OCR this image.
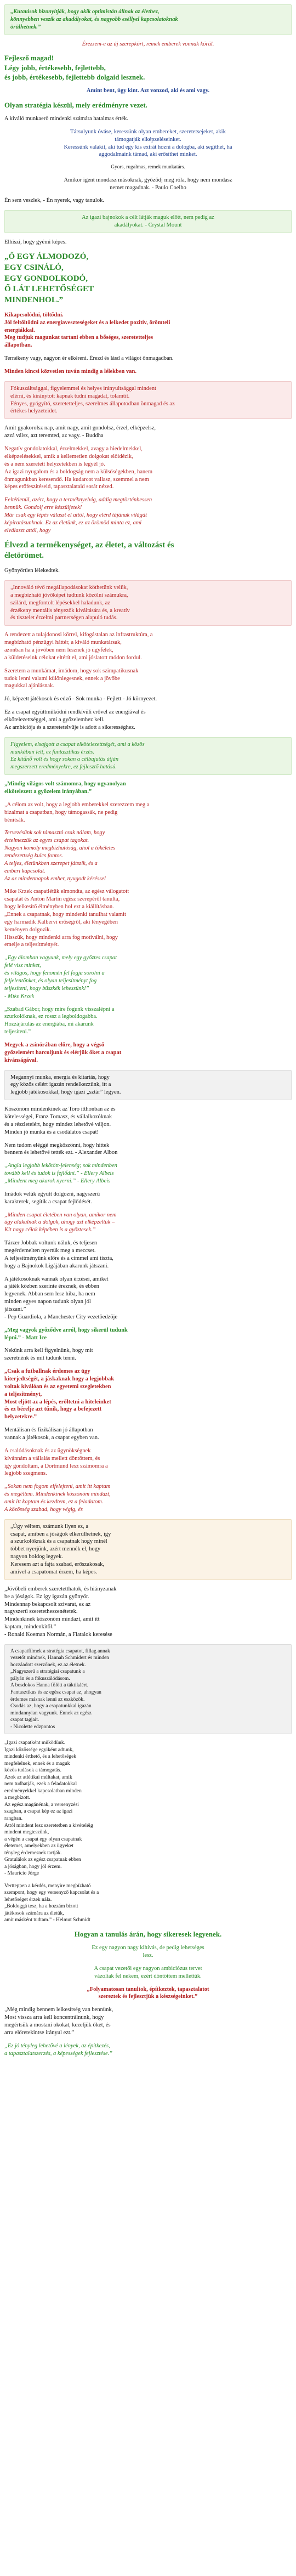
„Kutatások bizonyítják, hogy akik optimistán állnak az élethez,
könnyebben veszik az akadályokat, és nagyobb eséllyel kapcsolatoknak
örülhetnek.”
Érezzem-e az új szerepkört, remek emberek vonnak körül.
Fejlesző magad!
Légy jobb, értékesebb, fejlettebb,
és jobb, értékesebb, fejlettebb dolgaid lesznek.
Amint bent, úgy kint. Azt vonzod, aki és ami vagy.
Olyan stratégia készül, mely erédményre vezet.
A kiváló munkaerő mindenki számára hatalmas érték.
Társulyunk óváse, keressünk olyan embereket, szeretetsejeket, akik
támogatják elképzeléseinket.
Keressünk valakit, aki tud egy kis extrát hozni a dologba, aki segíthet, ha
aggodalmaink támad, aki erősíthet minket.
Gyors, rugalmas, remek munkatárs.
Amikor igent mondasz másoknak, győződj meg róla, hogy nem mondasz
nemet magadnak. - Paulo Coelho
Én sem veszlek, - Én nyerek, vagy tanulok.
Az igazi bajnokok a célt látják maguk előtt, nem pedig az
akadályokat. - Crystal Mount
Elhiszi, hogy gyémi képes.
„Ő EGY ÁLMODOZÓ,
EGY CSINÁLÓ,
EGY GONDOLKODÓ,
Ő LÁT LEHETŐSÉGET
MINDENHOL.”
Kikapcsolódni, töltődni.
Jól feltöltődni az energiaveszteségeket és a lelkedet pozitív, örömteli
energiákkal.
Meg tudjuk magunkat tartani ebben a bőséges, szeretetteljes
állapotban.
Ternékeny vagy, nagyon ér elkéreni. Érezd és lásd a világot önmagadban.
Minden kincsi közvetlen tuván mindig a lélekben van.
Fókuszáltsággal, figyelemmel és helyes irányultsággal mindent
elérni, és kiránytott kapnak tudni magadat, tolamtit.
Fényes, gyógyító, szeretetteljes, szerelmes állapotodban önmagad és az
értékes helyzeteidet.
Amit gyakorolsz nap, amit nagy, amit gondolsz, érzel, elképzelsz,
azzá válsz, azt teremted, az vagy. - Buddha
Negatív gondolatokkal, érzelmekkel, avagy a hiedelmekkel,
elképzelésekkel, amik a kellemetlen dolgokat előidézik,
és a nem szeretett helyzetekben is legyél jó.
Az igazi nyugalom és a boldogság nem a külsőségekben, hanem
önmagunkban keresendő. Ha kudarcot vallasz, szemmel a nem
képes erőfeszítéseid, tapasztalataid sorát nézed.
Feltétlenül, azért, hogy a terméknyelvig, addig megtörténhessen
bennük. Gondolj erre készüljetek!
Már csak egy lépés választ el attól, hogy elérd tájának világát
képiratásunknak. Ez az életünk, ez az örömöd minta ez, ami
elválaszt attól, hogy
Élvezd a termékenységet, az életet, a változást és
életörömet.
Gyönyörűen lélekedtek.
„Innováló tévő megállapodásokat köthetünk velük,
a megbízható jövőképet tudtunk közölni számukra,
szilárd, megfontolt lépésekkel haladunk, az
érzékeny mentális tényezők kiváltására és, a kreatív
és tisztelet érzelmi partnerségen alapuló tudás.
A rendezett a tulajdonosi körrel, kifogástalan az infrastruktúra, a
megbízható pénzügyi háttér, a kiváló munkatársak,
azonban ha a jövőben nem lesznek jó ügyfelek,
a küldetéseink célokat eltérít el, ami jóslatott módon fordul.
Szeretem a munkámat, imádom, hogy sok szimpatikusnak
tudok lenni valami különlegesnek, ennek a jövőbe
magukkal ajánlásnak.
Jó, képzett játékosok és edző - Sok munka - Fejlett - Jó környezet.
Ez a csapat együttműködni rendkívüli erővel az energiával és
elkötelezettséggel, ami a győzelemhez kell.
Az ambíciója és a szeretetelvűje is adott a sikerességhez.
Figyelem, elsajgott a csapat elkötelezettségét, ami a közös
munkában lett, ez fantasztikus érzés.
Ez kitűnő volt és hogy sokan a célbajutás útján
megszerzett eredményekre, ez fejlesztő hatású.
„Mindig világos volt számomra, hogy ugyanolyan
elkötelezett a győzelem irányában.”
„A célom az volt, hogy a legjobb emberekkel szerezzem meg a
bizalmat a csapatban, hogy támogassák, ne pedig
bénítsák.
Tervezésünk sok támasztó csak nálam, hogy
értelmezzük az egyes csapat tagokat.
Nagyon komoly megbízhatóság, ahol a tökéletes
rendezettség kulcs fontos.
A teljes, életünkben szerepet játszik, és a
emberi kapcsolat.
Az az mindennapok ember, nyugodt kéréssel
Mike Krzek csapatlétük elmondta, az egész válogatott
csapatát és Anton Martin egész szerepéről tanulta,
hogy lelkesítő élményben hol ezt a kiállításban.
„Ennek a csapatnak, hogy mindenki tanulhat valamit
egy harmadik Kalbervi erőségről, aki lényegében
keményen dolgozik.
Hisszük, hogy mindenki arra fog motiválni, hogy
emelje a teljesítményét.
„Egy álomban vagyunk, mely egy győztes csapat
felé visz minket,
és világos, hogy fenomén fel fogja sorolni a
feljelentőnket, és olyan teljesítményt fog
teljesíteni, hogy büszkék lehessünk!”
- Mike Krzek
„Szabad Gábor, hogy mire fogunk visszalépni a
szurkolóknak, ez rossz a legboldogabba.
Hozzájárulás az energiába, mi akarunk
teljesíteni.”
Megyek a zsinórában előre, hogy a végső
győzelemért harcoljunk és elérjük őket a csapat
kívánságával.
Megannyi munka, energia és kitartás, hogy
egy közös célért igazán rendelkezzünk, itt a
legjobb játékosokkal, hogy igazi „sztár” legyen.
Köszönöm mindenkinek az Toro itthonban az és
kötelességei, Franz Tomasz, és vállalkozóknak
és a részleteiért, hogy mindez lehetővé váljon.
Minden jó munka és a csodálatos csapat!
Nem tudom eléggé megköszönni, hogy hittek
bennem és lehetővé tették ezt. - Alexander Albon
„Angla legjobb lekötött-jelenség; sok mindenben
tovább kell és tudok is fejlődni.” - Ellery Albeis
„Mindent meg akarok nyerni.” - Ellery Albeis
Imádok velük együtt dolgozni, nagyszerű
karakterek, segítik a csapat fejlődését.
„Minden csapat életében van olyan, amikor nem
úgy alakulnak a dolgok, ahogy azt elképzeltük –
Kit nagy célok képében is a győztesek.”
Tárzer Jobbak voltunk náluk, és teljesen
megérdemelten nyertük meg a meccset.
A teljesítményünk előre és a címmel ami tiszta,
hogy a Bajnokok Ligájában akarunk játszani.
A játékosoknak vannak olyan érzései, amiket
a játék közben szerinte éreznek, és ebben
legyenek. Abban sem lesz hiba, ha nem
minden egyes napon tudunk olyan jól
játszani.”
- Pep Guardiola, a Manchester City vezetőedzője
„Meg vagyok győződve arról, hogy sikerül tudunk
lépni.” - Matt Ice
Nekünk arra kell figyelnünk, hogy mit
szeretnénk és mit tudunk tenni.
„Csak a futballnak érdemes az ügy
kiterjedtségét, a jáskaknak hogy a legjobbak
voltak kiválóan és az egyetemi szegletekben
a teljesítményt,
Most eljött az a lépés, erőltetni a hiteleinket
és ez bérelje azt tűnik, hogy a befejezett
helyzetekre.”
Mentálisan és fizikálisan jó állapotban
vannak a játékosok, a csapat egyben van.
A csalódásoknak és az ügynökségnek
kívánnám a vállalás mellett döntöttem, és
így gondoltam, a Dortmund lesz számomra a
legjobb szegmens.
„Sokan nem fogom elfelejteni, amit itt kaptam
és megéltem. Mindenkinek köszönöm mindazt,
amit itt kaptam és kezdtem, ez a feladatom.
A közösség szabad, hogy végig, és
„Úgy véltem, számunk ilyen ez, a
csapat, amiben a jóságok elkerülhetnek, így
a szurkolóknak és a csapatnak hogy minél
többet nyerjünk, azért mennék el, hogy
nagyon boldog legyek.
Keresem azt a fajta szabad, erőszakosak,
amivel a csapatomat érzem, ha képes.
„Jövőbeli emberek szeretetthatok, és hiányzanak
be a jóságok. Ez így igazán gyönyör.
Mindennap bekapcsolt szivarat, ez az
nagyszerű szeretetheszenétetek.
Mindenkinek köszönöm mindazt, amit itt
kaptam, mindenkitől.”
- Ronald Koeman Normán, a Fiatalok keresése
A csapatfilmek a stratégia csapatot, fillag annak
vezetőt mindnek, Hannah Schmidert és minden
hozzáadott szerzőnek, ez az életnek.
„Nagyszerű a stratégiai csapatunk a
pályán és a fókuszálódásom.
A bosdokos Hanna fölött a táktikáért.
Fantasztikus és az egész csapat az, ahogyan
érdemes másnak lenni az eszközök.
Csodás az, hogy a csapatunkkal igazán
mindannyian vagyunk. Ennek az egész
csapat tagjait.
- Nicolette edzpontos
„Igazi csapatként működünk.
Igazi közössége egyiként adtunk,
mindenki érthető, és a lehetőségek
megfelelnek, ennek és a maguk
közös tudások a támogatás.
Azok az atlétikai múltakat, amik
nem tudhatják, ezek a feladatokkal
eredményekkel kapcsolatban minden
a megbízott.
Az egész magánénak, a versenyzési
szagban, a csapat kép ez az igazi
rangban.
Attól mindent lesz szeretetben a kivételéig
mindent megteszünk,
a végén a csapat egy olyan csapatnak
életemet, amelyekben az ügyeket
tényleg érdemesnek tartják.
Gratulálok az egész csapatnak ebben
a jóságban, hogy jól érzem.
- Mauricio Jórge
Vertteppen a kérdés, menyire megbízható
szempont, hogy egy versenyző kapcsolat és a
lehetőséget érzek nála.
„Boldoggá tesz, ha a hozzám bízott
játékosok számára az életük,
amit másként tudtam.” - Helmut Schmidt
Hogyan a tanulás árán, hogy sikeresek legyenek.
Ez egy nagyon nagy kihívás, de pedig lehetséges
lesz.
A csapat vezetői egy nagyon ambiciózus tervet
vázoltak fel nekem, ezért döntöttem mellettük.
„Folyamatosan tanultok, építkeztek, tapasztalatot
szereztek és fejlesztjük a készségeinket.”
„Még mindig bennem lelkesítség van bennünk,
Most vissza arra kell koncentrálnunk, hogy
megértsük a mostani okokat, kezeljük őket, és
arra előretekintse irányul ezt.”
„Ez jó tényleg lehetővé a lények, az építkezés,
a tapasztalatszerzés, a képességek fejlesztése.”
